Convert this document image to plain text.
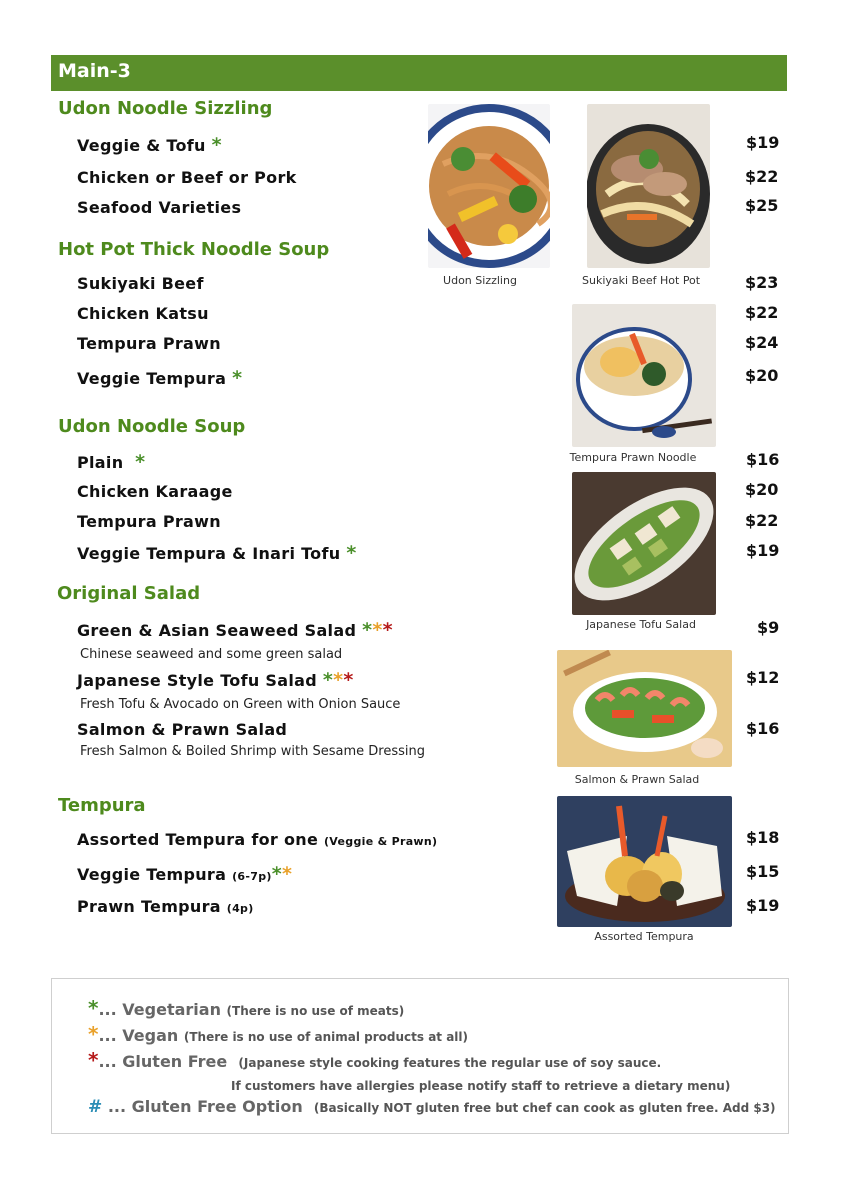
Main-3
Udon Noodle Sizzling
Veggie & Tofu *
Chicken or Beef or Pork
Seafood Varieties
$19
$22
$25
Udon Sizzling	Sukiyaki Beef Hot Pot
Hot Pot Thick Noodle Soup
Sukiyaki Beef
Chicken Katsu
Tempura Prawn
Veggie Tempura *
$23
$22
$24
$20
Tempura Prawn Noodle
Udon Noodle Soup
Plain *
Chicken Karaage
Tempura Prawn
Veggie Tempura & Inari Tofu *
$16
$20
$22
$19
Japanese Tofu Salad
Original Salad
Green & Asian Seaweed Salad ***
Chinese seaweed and some green salad
Japanese Style Tofu Salad ***
Fresh Tofu & Avocado on Green with Onion Sauce
Salmon & Prawn Salad
Fresh Salmon & Boiled Shrimp with Sesame Dressing
$9
$12
$16
Salmon & Prawn Salad
Tempura
Assorted Tempura for one (Veggie & Prawn)
Veggie Tempura (6-7p)**
Prawn Tempura (4p)
$18
$15
$19
Assorted Tempura
*... Vegetarian (There is no use of meats)
*... Vegan (There is no use of animal products at all)
*... Gluten Free (Japanese style cooking features the regular use of soy sauce.
If customers have allergies please notify staff to retrieve a dietary menu)
# ... Gluten Free Option (Basically NOT gluten free but chef can cook as gluten free. Add $3)
